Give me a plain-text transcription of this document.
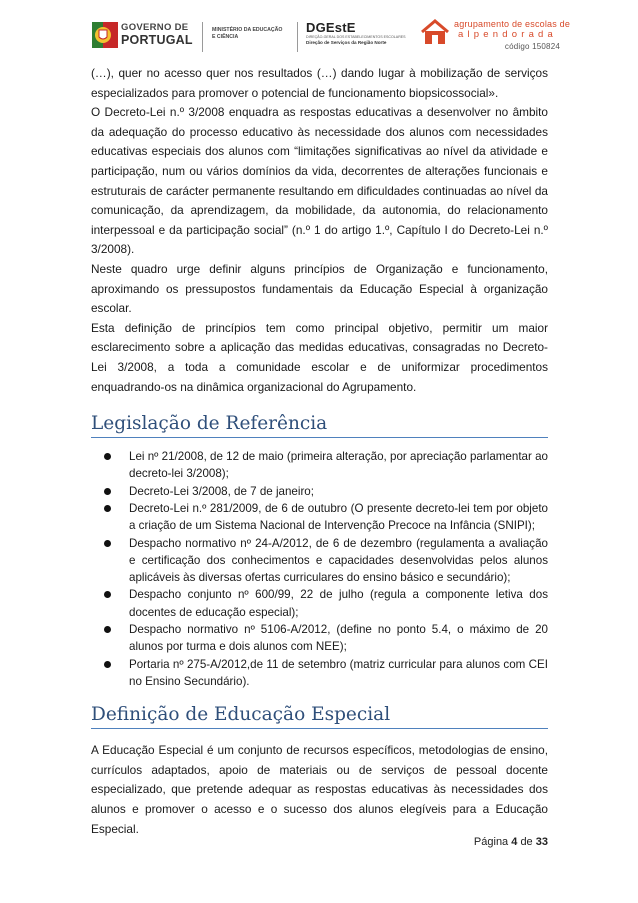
GOVERNO DE
PORTUGAL
MINISTÉRIO DA EDUCAÇÃO
E CIÊNCIA
DGEstE
DIREÇÃO-GERAL DOS ESTABELECIMENTOS ESCOLARES
Direção de Serviços da Região Norte
agrupamento de escolas de
alpendorada
código 150824

(…), quer no acesso quer nos resultados (…) dando lugar à mobilização de serviços especializados para promover o potencial de funcionamento biopsicossocial».

O Decreto-Lei n.º 3/2008 enquadra as respostas educativas a desenvolver no âmbito da adequação do processo educativo às necessidade dos alunos com necessidades educativas especiais dos alunos com “limitações significativas ao nível da atividade e participação, num ou vários domínios da vida, decorrentes de alterações funcionais e estruturais de carácter permanente resultando em dificuldades continuadas ao nível da comunicação, da aprendizagem, da mobilidade, da autonomia, do relacionamento interpessoal e da participação social” (n.º 1 do artigo 1.º, Capítulo I do Decreto-Lei n.º 3/2008).

Neste quadro urge definir alguns princípios de Organização e funcionamento, aproximando os pressupostos fundamentais da Educação Especial à organização escolar.

Esta definição de princípios tem como principal objetivo, permitir um maior esclarecimento sobre a aplicação das medidas educativas, consagradas no Decreto-Lei 3/2008, a toda a comunidade escolar e de uniformizar procedimentos enquadrando-os na dinâmica organizacional do Agrupamento.

Legislação de Referência
Lei nº 21/2008, de 12 de maio (primeira alteração, por apreciação parlamentar ao decreto-lei 3/2008);
Decreto-Lei 3/2008, de 7 de janeiro;
Decreto-Lei n.º 281/2009, de 6 de outubro (O presente decreto-lei tem por objeto a criação de um Sistema Nacional de Intervenção Precoce na Infância (SNIPI);
Despacho normativo nº 24-A/2012, de 6 de dezembro (regulamenta a avaliação e certificação dos conhecimentos e capacidades desenvolvidas pelos alunos aplicáveis às diversas ofertas curriculares do ensino básico e secundário);
Despacho conjunto nº 600/99, 22 de julho (regula a componente letiva dos docentes de educação especial);
Despacho normativo nº 5106-A/2012, (define no ponto 5.4, o máximo de 20 alunos por turma e dois alunos com NEE);
Portaria nº 275-A/2012,de 11 de setembro (matriz curricular para alunos com CEI no Ensino Secundário).
Definição de Educação Especial

A Educação Especial é um conjunto de recursos específicos, metodologias de ensino, currículos adaptados, apoio de materiais ou de serviços de pessoal docente especializado, que pretende adequar as respostas educativas às necessidades dos alunos e promover o acesso e o sucesso dos alunos elegíveis para a Educação Especial.

Página 4 de 33
